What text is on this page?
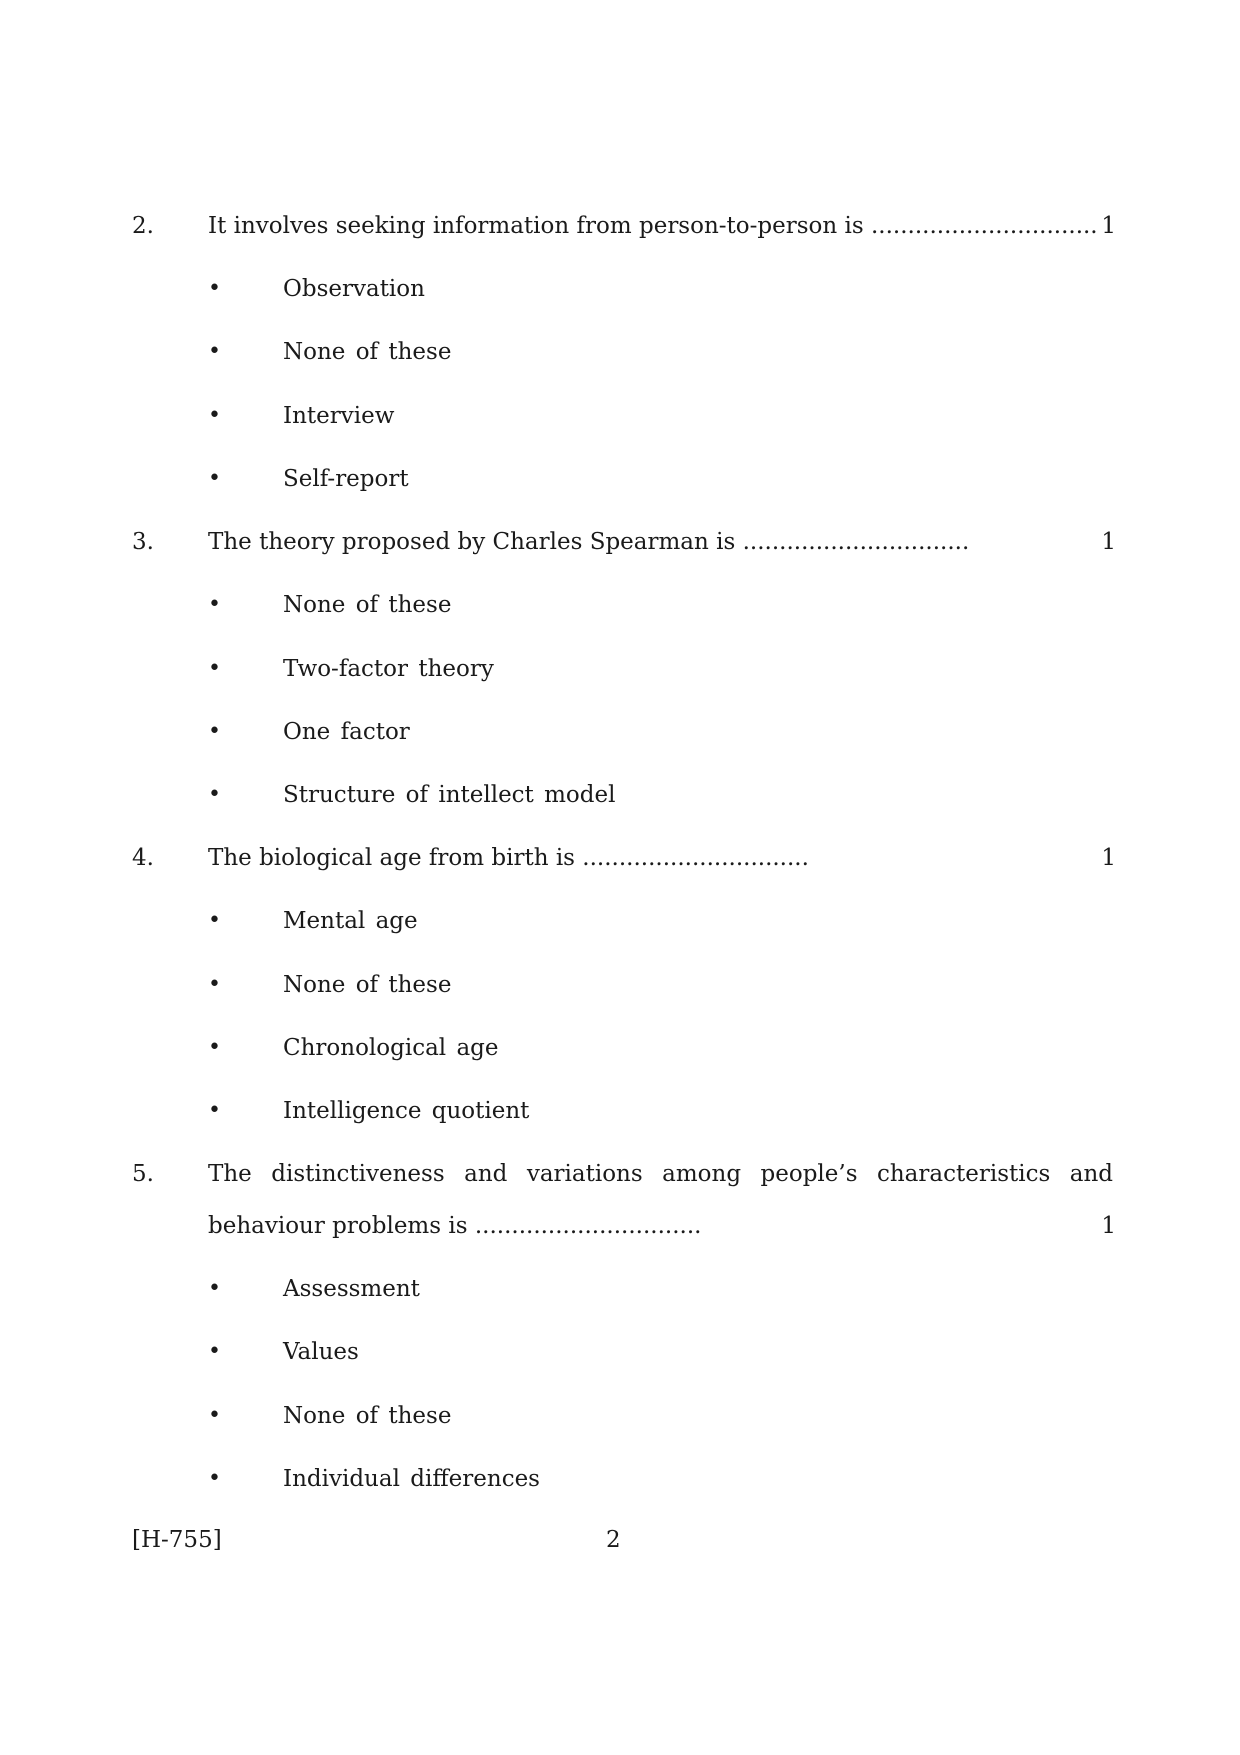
2. It involves seeking information from person-to-person is ............................... 1
•	Observation
•	None of these
•	Interview
•	Self-report
3. The theory proposed by Charles Spearman is ...............................	1
•	None of these
•	Two-factor theory
•	One factor
•	Structure of intellect model
4. The biological age from birth is ...............................	1
•	Mental age
•	None of these
•	Chronological age
•	Intelligence quotient
5. The distinctiveness and variations among people’s characteristics and
behaviour problems is ...............................	1
•	Assessment
•	Values
•	None of these
•	Individual differences
[H-755]	2
